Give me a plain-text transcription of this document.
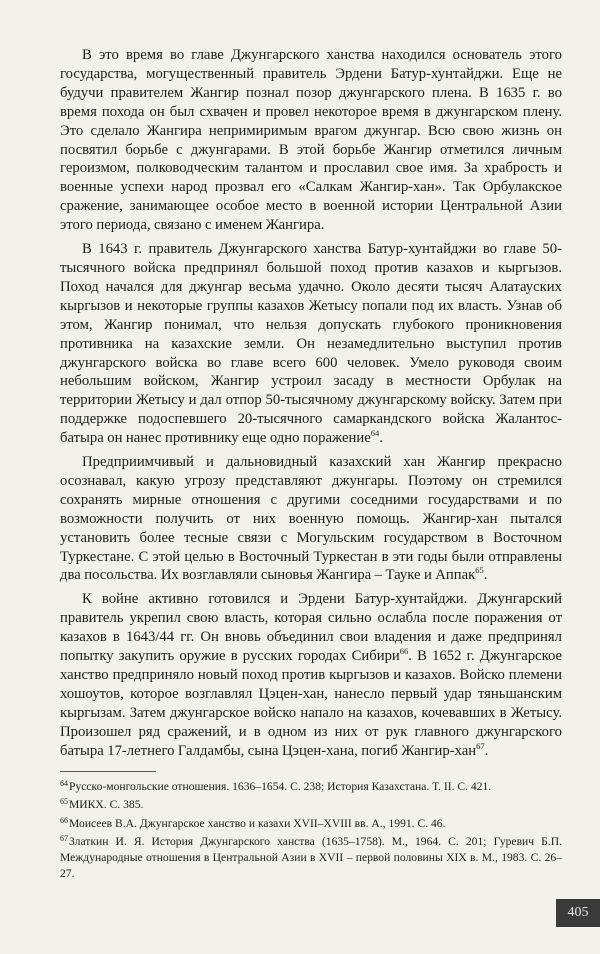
В это время во главе Джунгарского ханства находился основатель этого государства, могущественный правитель Эрдени Батур-хунтайджи. Еще не будучи правителем Жангир познал позор джунгарского плена. В 1635 г. во время похода он был схвачен и провел некоторое время в джунгарском плену. Это сделало Жангира непримиримым врагом джунгар. Всю свою жизнь он посвятил борьбе с джунгарами. В этой борьбе Жангир отметился личным героизмом, полководческим талантом и прославил свое имя. За храбрость и военные успехи народ прозвал его «Салкам Жангир-хан». Так Орбулакское сражение, занимающее особое место в военной истории Центральной Азии этого периода, связано с именем Жангира.

В 1643 г. правитель Джунгарского ханства Батур-хунтайджи во главе 50-тысячного войска предпринял большой поход против казахов и кыргызов. Поход начался для джунгар весьма удачно. Около десяти тысяч Алатауских кыргызов и некоторые группы казахов Жетысу попали под их власть. Узнав об этом, Жангир понимал, что нельзя допускать глубокого проникновения противника на казахские земли. Он незамедлительно выступил против джунгарского войска во главе всего 600 человек. Умело руководя своим небольшим войском, Жангир устроил засаду в местности Орбулак на территории Жетысу и дал отпор 50-тысячному джунгарскому войску. Затем при поддержке подоспевшего 20-тысячного самаркандского войска Жалантос-батыра он нанес противнику еще одно поражение$^{64}$.

Предприимчивый и дальновидный казахский хан Жангир прекрасно осознавал, какую угрозу представляют джунгары. Поэтому он стремился сохранять мирные отношения с другими соседними государствами и по возможности получить от них военную помощь. Жангир-хан пытался установить более тесные связи с Могульским государством в Восточном Туркестане. С этой целью в Восточный Туркестан в эти годы были отправлены два посольства. Их возглавляли сыновья Жангира – Тауке и Аппак$^{65}$.

К войне активно готовился и Эрдени Батур-хунтайджи. Джунгарский правитель укрепил свою власть, которая сильно ослабла после поражения от казахов в 1643/44 гг. Он вновь объединил свои владения и даже предпринял попытку закупить оружие в русских городах Сибири$^{66}$. В 1652 г. Джунгарское ханство предприняло новый поход против кыргызов и казахов. Войско племени хошоутов, которое возглавлял Цэцен-хан, нанесло первый удар тяньшанским кыргызам. Затем джунгарское войско напало на казахов, кочевавших в Жетысу. Произошел ряд сражений, и в одном из них от рук главного джунгарского батыра 17-летнего Галдамбы, сына Цэцен-хана, погиб Жангир-хан$^{67}$.

$^{64}$Русско-монгольские отношения. 1636–1654. С. 238; История Казахстана. Т. II. С. 421.

$^{65}$МИКХ. С. 385.

$^{66}$Моисеев В.А. Джунгарское ханство и казахи XVII–XVIII вв. А., 1991. С. 46.

$^{67}$Златкин И. Я. История Джунгарского ханства (1635–1758). М., 1964. С. 201; Гуревич Б.П. Международные отношения в Центральной Азии в XVII – первой половины XIX в. М., 1983. С. 26–27.

405
